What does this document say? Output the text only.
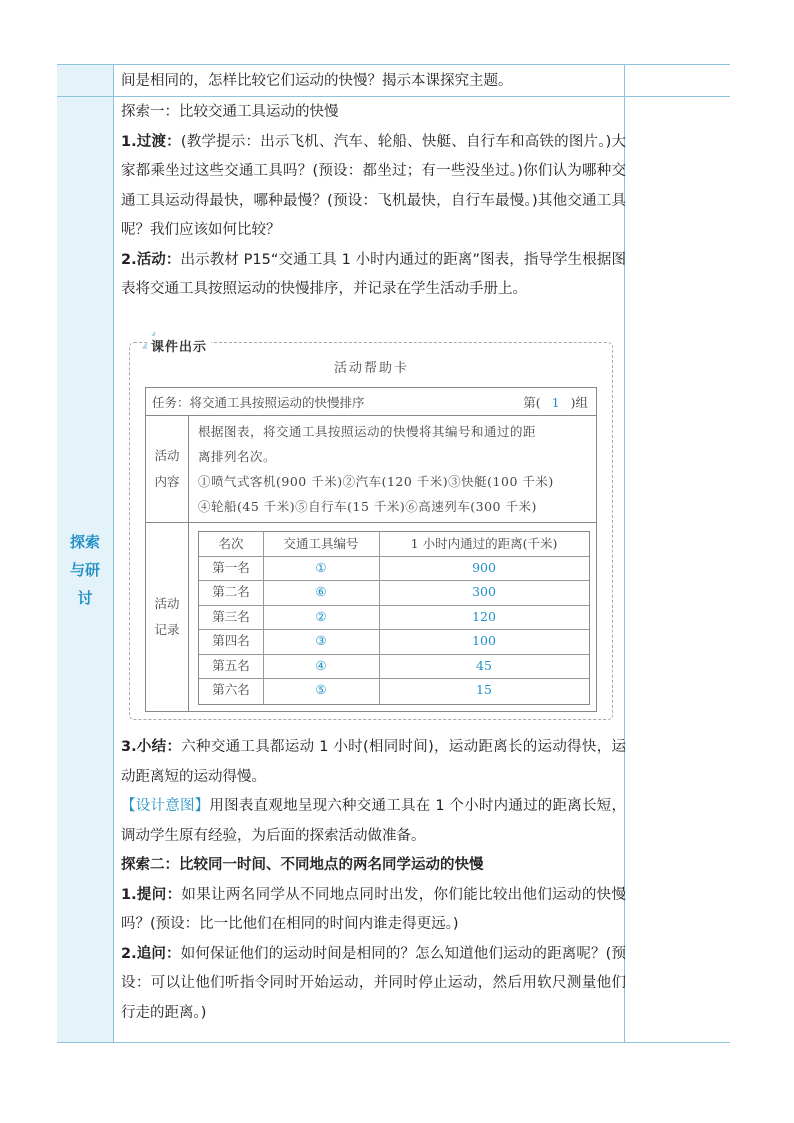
探索
与研
讨

间是相同的，怎样比较它们运动的快慢？揭示本课探究主题。

探索一：比较交通工具运动的快慢

1.过渡：(教学提示：出示飞机、汽车、轮船、快艇、自行车和高铁的图片。)大家都乘坐过这些交通工具吗？(预设：都坐过；有一些没坐过。)你们认为哪种交通工具运动得最快，哪种最慢？(预设：飞机最快，自行车最慢。)其他交通工具呢？我们应该如何比较？

2.活动：出示教材 P15“交通工具 1 小时内通过的距离”图表，指导学生根据图表将交通工具按照运动的快慢排序，并记录在学生活动手册上。

课件出示
活动帮助卡
任务：将交通工具按照运动的快慢排序	第( 1 )组
活动内容
根据图表，将交通工具按照运动的快慢将其编号和通过的距
离排列名次。
①喷气式客机(900 千米)②汽车(120 千米)③快艇(100 千米)
④轮船(45 千米)⑤自行车(15 千米)⑥高速列车(300 千米)
活动记录
名次	交通工具编号	1 小时内通过的距离(千米)
第一名	①	900
第二名	⑥	300
第三名	②	120
第四名	③	100
第五名	④	45
第六名	⑤	15

3.小结：六种交通工具都运动 1 小时(相同时间)，运动距离长的运动得快，运动距离短的运动得慢。

【设计意图】用图表直观地呈现六种交通工具在 1 个小时内通过的距离长短，调动学生原有经验，为后面的探索活动做准备。

探索二：比较同一时间、不同地点的两名同学运动的快慢

1.提问：如果让两名同学从不同地点同时出发，你们能比较出他们运动的快慢吗？(预设：比一比他们在相同的时间内谁走得更远。)

2.追问：如何保证他们的运动时间是相同的？怎么知道他们运动的距离呢？(预设：可以让他们听指令同时开始运动，并同时停止运动，然后用软尺测量他们行走的距离。)
